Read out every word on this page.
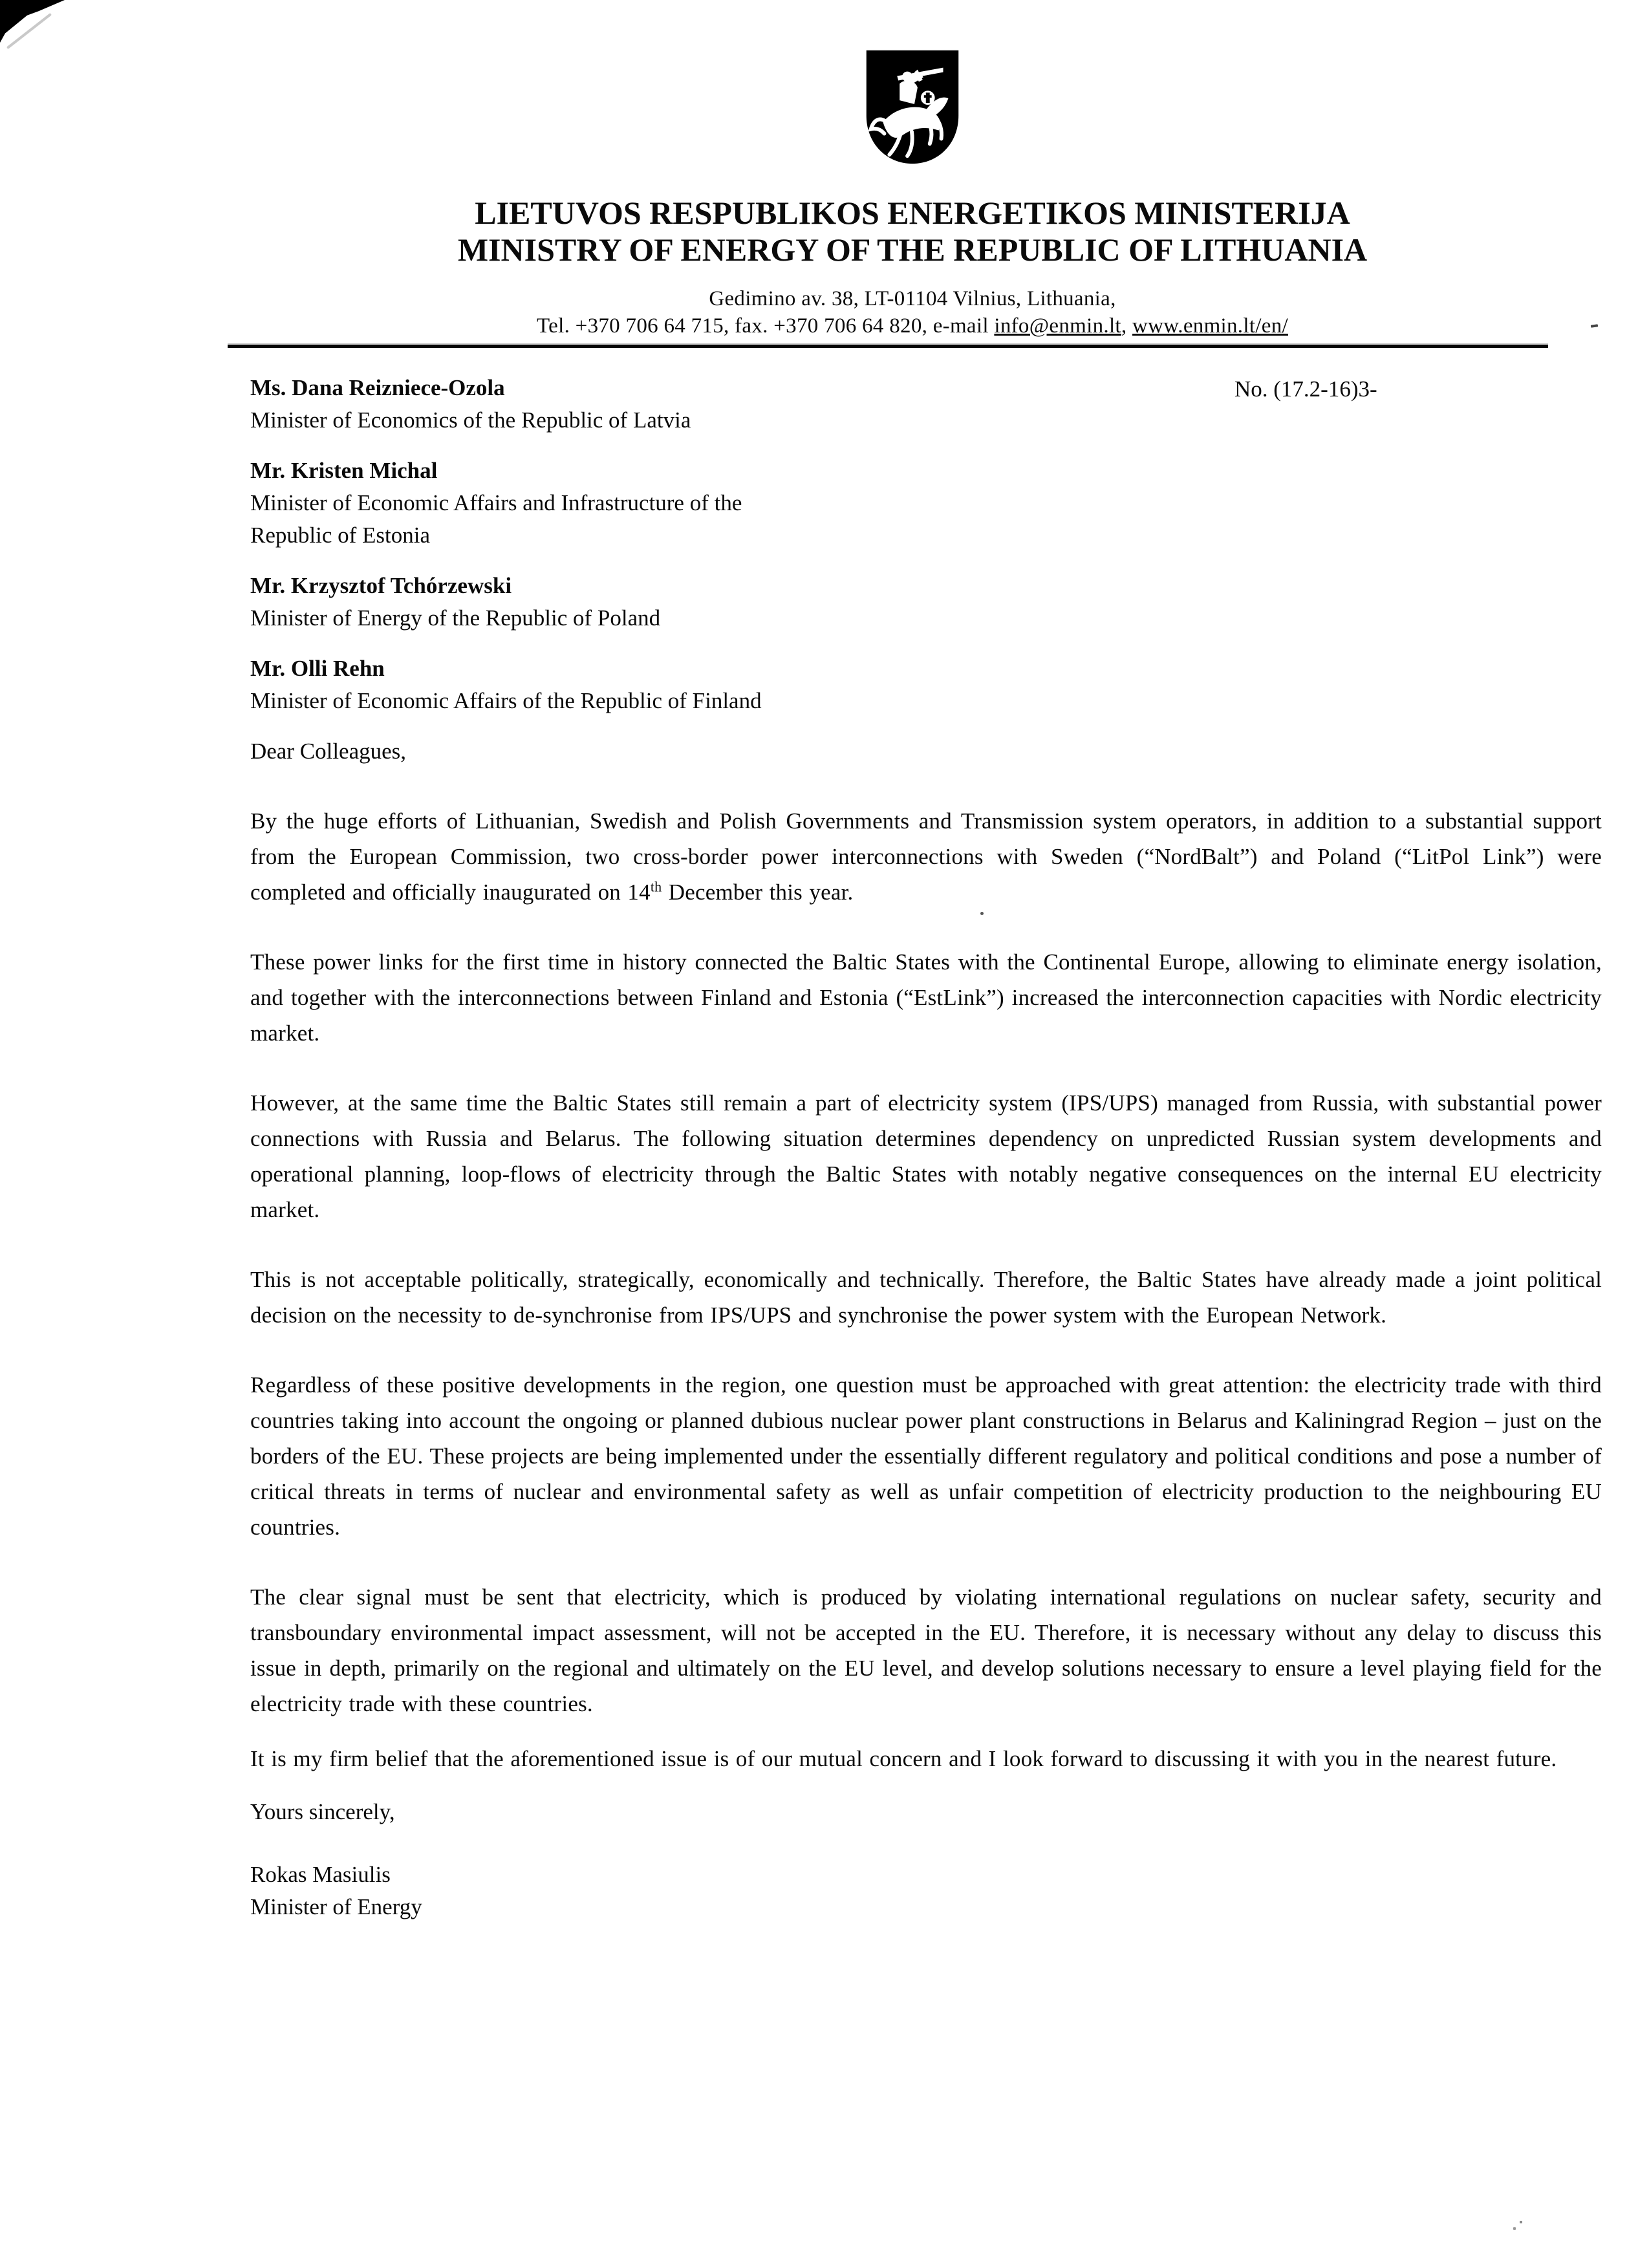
LIETUVOS RESPUBLIKOS ENERGETIKOS MINISTERIJA
MINISTRY OF ENERGY OF THE REPUBLIC OF LITHUANIA
Gedimino av. 38, LT-01104 Vilnius, Lithuania,
Tel. +370 706 64 715, fax. +370 706 64 820, e-mail info@enmin.lt, www.enmin.lt/en/
No. (17.2-16)3-
Ms. Dana Reizniece-Ozola
Minister of Economics of the Republic of Latvia
Mr. Kristen Michal
Minister of Economic Affairs and Infrastructure of the
Republic of Estonia
Mr. Krzysztof Tchórzewski
Minister of Energy of the Republic of Poland
Mr. Olli Rehn
Minister of Economic Affairs of the Republic of Finland
Dear Colleagues,

By the huge efforts of Lithuanian, Swedish and Polish Governments and Transmission system operators, in addition to a substantial support from the European Commission, two cross-border power interconnections with Sweden (“NordBalt”) and Poland (“LitPol Link”) were completed and officially inaugurated on 14th December this year.

These power links for the first time in history connected the Baltic States with the Continental Europe, allowing to eliminate energy isolation, and together with the interconnections between Finland and Estonia (“EstLink”) increased the interconnection capacities with Nordic electricity market.

However, at the same time the Baltic States still remain a part of electricity system (IPS/UPS) managed from Russia, with substantial power connections with Russia and Belarus. The following situation determines dependency on unpredicted Russian system developments and operational planning, loop-flows of electricity through the Baltic States with notably negative consequences on the internal EU electricity market.

This is not acceptable politically, strategically, economically and technically. Therefore, the Baltic States have already made a joint political decision on the necessity to de-synchronise from IPS/UPS and synchronise the power system with the European Network.

Regardless of these positive developments in the region, one question must be approached with great attention: the electricity trade with third countries taking into account the ongoing or planned dubious nuclear power plant constructions in Belarus and Kaliningrad Region – just on the borders of the EU. These projects are being implemented under the essentially different regulatory and political conditions and pose a number of critical threats in terms of nuclear and environmental safety as well as unfair competition of electricity production to the neighbouring EU countries.

The clear signal must be sent that electricity, which is produced by violating international regulations on nuclear safety, security and transboundary environmental impact assessment, will not be accepted in the EU. Therefore, it is necessary without any delay to discuss this issue in depth, primarily on the regional and ultimately on the EU level, and develop solutions necessary to ensure a level playing field for the electricity trade with these countries.

It is my firm belief that the aforementioned issue is of our mutual concern and I look forward to discussing it with you in the nearest future.

Yours sincerely,
Rokas Masiulis
Minister of Energy
